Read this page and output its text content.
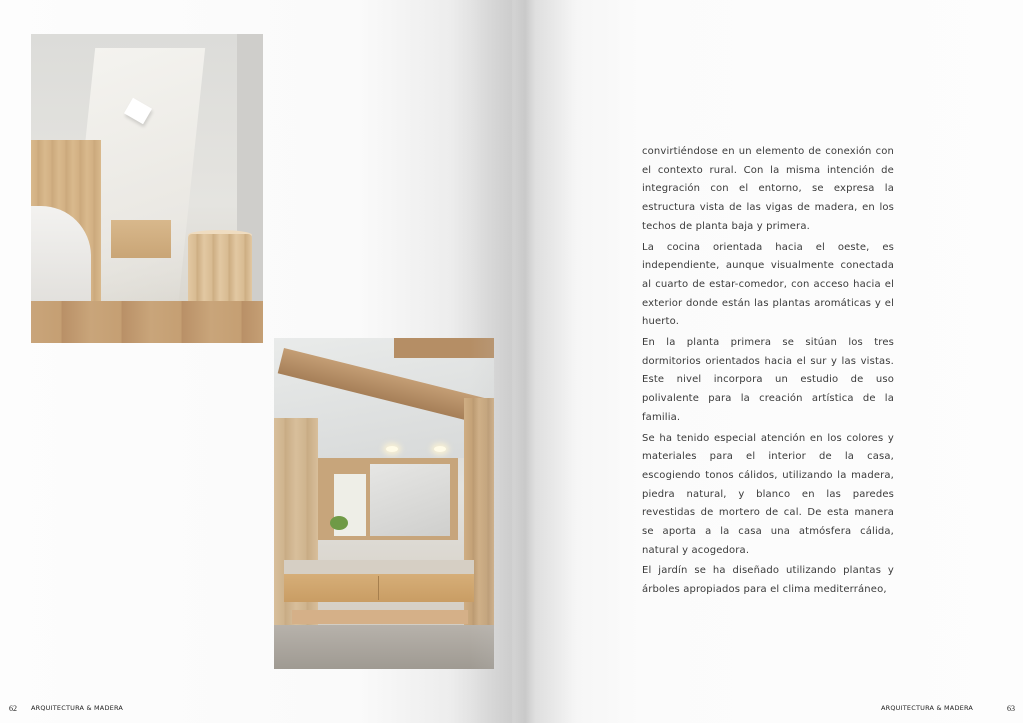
62 ARQUITECTURA & MADERA	63
ARQUITECTURA & MADERA

convirtiéndose en un elemento de conexión con el contexto rural. Con la misma intención de integración con el entorno, se expresa la estructura vista de las vigas de madera, en los techos de planta baja y primera.

La cocina orientada hacia el oeste, es independiente, aunque visualmente conectada al cuarto de estar-comedor, con acceso hacia el exterior donde están las plantas aromáticas y el huerto.

En la planta primera se sitúan los tres dormitorios orientados hacia el sur y las vistas. Este nivel incorpora un estudio de uso polivalente para la creación artística de la familia.

Se ha tenido especial atención en los colores y materiales para el interior de la casa, escogiendo tonos cálidos, utilizando la madera, piedra natural, y blanco en las paredes revestidas de mortero de cal. De esta manera se aporta a la casa una atmósfera cálida, natural y acogedora.

El jardín se ha diseñado utilizando plantas y árboles apropiados para el clima mediterráneo,
